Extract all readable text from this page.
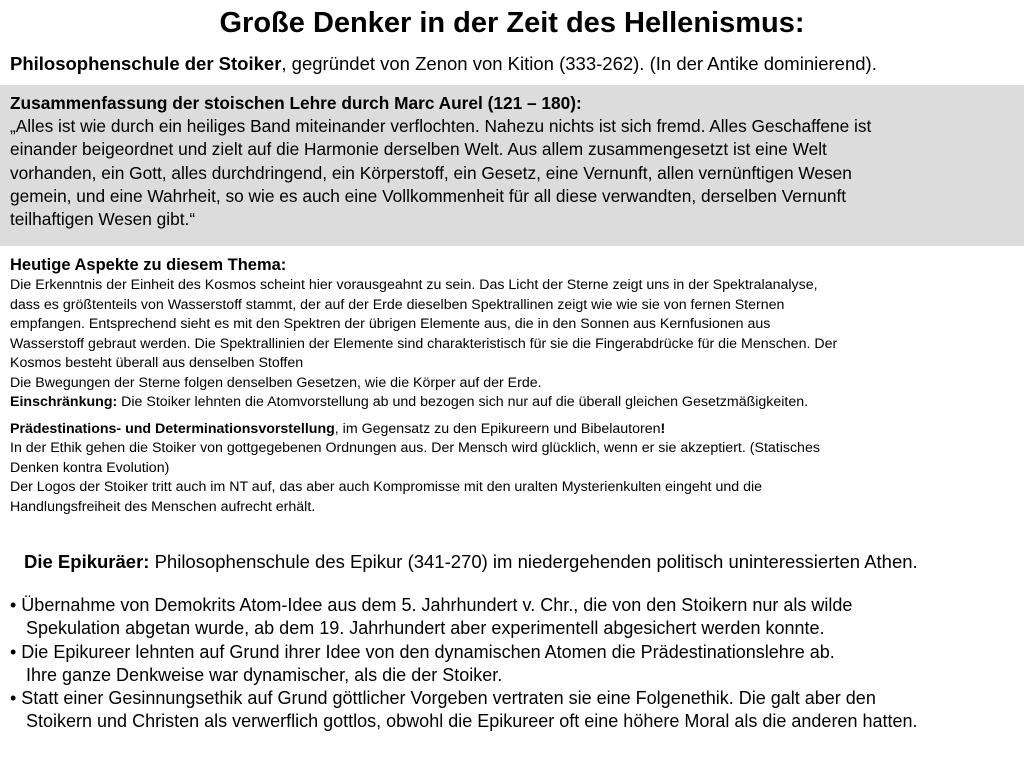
Große Denker in der Zeit des Hellenismus:
Philosophenschule der Stoiker, gegründet von Zenon von Kition (333-262). (In der Antike dominierend).
Zusammenfassung der stoischen Lehre durch Marc Aurel (121 – 180):
„Alles ist wie durch ein heiliges Band miteinander verflochten. Nahezu nichts ist sich fremd. Alles Geschaffene ist
einander beigeordnet und zielt auf die Harmonie derselben Welt. Aus allem zusammengesetzt ist eine Welt
vorhanden, ein Gott, alles durchdringend, ein Körperstoff, ein Gesetz, eine Vernunft, allen vernünftigen Wesen
gemein, und eine Wahrheit, so wie es auch eine Vollkommenheit für all diese verwandten, derselben Vernunft
teilhaftigen Wesen gibt.“
Heutige Aspekte zu diesem Thema:
Die Erkenntnis der Einheit des Kosmos scheint hier vorausgeahnt zu sein. Das Licht der Sterne zeigt uns in der Spektralanalyse,
dass es größtenteils von Wasserstoff stammt, der auf der Erde dieselben Spektrallinen zeigt wie wie sie von fernen Sternen
empfangen. Entsprechend sieht es mit den Spektren der übrigen Elemente aus, die in den Sonnen aus Kernfusionen aus
Wasserstoff gebraut werden. Die Spektrallinien der Elemente sind charakteristisch für sie die Fingerabdrücke für die Menschen. Der
Kosmos besteht überall aus denselben Stoffen
Die Bwegungen der Sterne folgen denselben Gesetzen, wie die Körper auf der Erde.
Einschränkung: Die Stoiker lehnten die Atomvorstellung ab und bezogen sich nur auf die überall gleichen Gesetzmäßigkeiten.
Prädestinations- und Determinationsvorstellung, im Gegensatz zu den Epikureern und Bibelautoren!
In der Ethik gehen die Stoiker von gottgegebenen Ordnungen aus. Der Mensch wird glücklich, wenn er sie akzeptiert. (Statisches
Denken kontra Evolution)
Der Logos der Stoiker tritt auch im NT auf, das aber auch Kompromisse mit den uralten Mysterienkulten eingeht und die
Handlungsfreiheit des Menschen aufrecht erhält.
Die Epikuräer: Philosophenschule des Epikur (341-270) im niedergehenden politisch uninteressierten Athen.
• Übernahme von Demokrits Atom-Idee aus dem 5. Jahrhundert v. Chr., die von den Stoikern nur als wilde
Spekulation abgetan wurde, ab dem 19. Jahrhundert aber experimentell abgesichert werden konnte.
• Die Epikureer lehnten auf Grund ihrer Idee von den dynamischen Atomen die Prädestinationslehre ab.
Ihre ganze Denkweise war dynamischer, als die der Stoiker.
• Statt einer Gesinnungsethik auf Grund göttlicher Vorgeben vertraten sie eine Folgenethik. Die galt aber den
Stoikern und Christen als verwerflich gottlos, obwohl die Epikureer oft eine höhere Moral als die anderen hatten.
